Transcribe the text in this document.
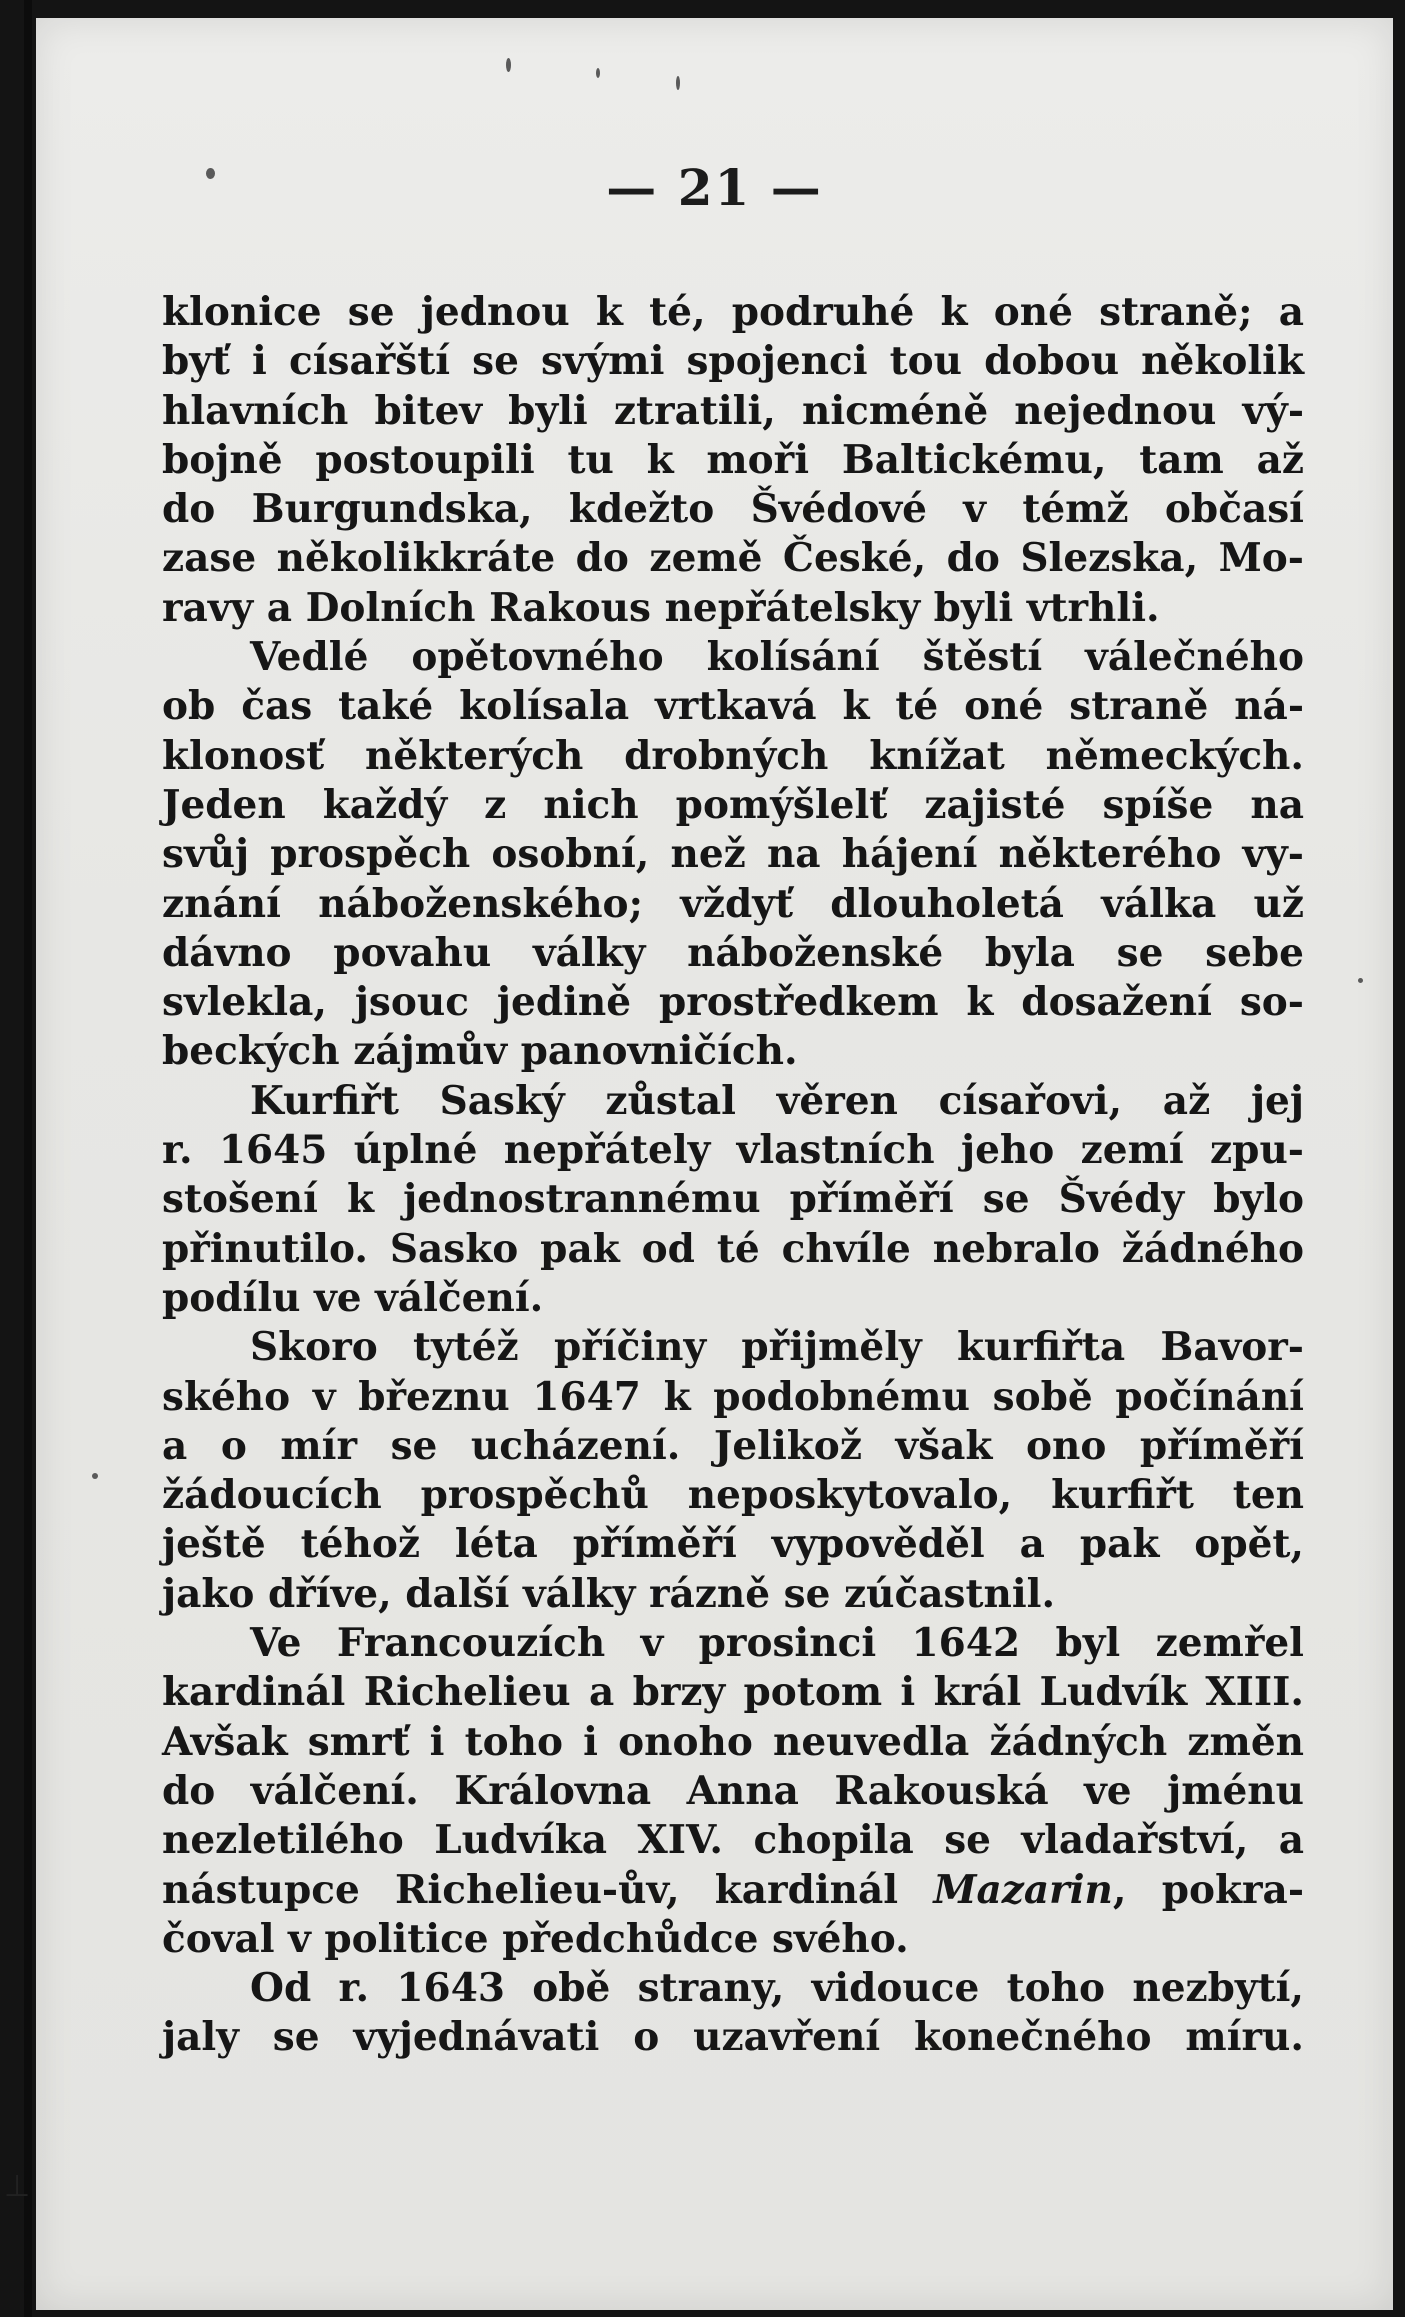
— 21 —
klonice se jednou k té, podruhé k oné straně; a
byť i císařští se svými spojenci tou dobou několik
hlavních bitev byli ztratili, nicméně nejednou vý-
bojně postoupili tu k moři Baltickému, tam až
do Burgundska, kdežto Švédové v témž občasí
zase několikkráte do země České, do Slezska, Mo-
ravy a Dolních Rakous nepřátelsky byli vtrhli.
Vedlé opětovného kolísání štěstí válečného
ob čas také kolísala vrtkavá k té oné straně ná-
klonosť některých drobných knížat německých.
Jeden každý z nich pomýšlelť zajisté spíše na
svůj prospěch osobní, než na hájení některého vy-
znání náboženského; vždyť dlouholetá válka už
dávno povahu války náboženské byla se sebe
svlekla, jsouc jedině prostředkem k dosažení so-
bеckých zájmův panovničích.
Kurfiřt Saský zůstal věren císařovi, až jej
r. 1645 úplné nepřátely vlastních jeho zemí zpu-
stošení k jednostrannému příměří se Švédy bylo
přinutilo. Sasko pak od té chvíle nebralo žádného
podílu ve válčení.
Skoro tytéž příčiny přijměly kurfiřta Bavor-
ského v březnu 1647 k podobnému sobě počínání
a o mír se ucházení. Jelikož však ono příměří
žádoucích prospěchů neposkytovalo, kurfiřt ten
ještě téhož léta příměří vypověděl a pak opět,
jako dříve, další války rázně se zúčastnil.
Ve Francouzích v prosinci 1642 byl zemřel
kardinál Richelieu a brzy potom i král Ludvík XIII.
Avšak smrť i toho i onoho neuvedla žádných změn
do válčení. Královna Anna Rakouská ve jménu
nezletilého Ludvíka XIV. chopila se vladařství, a
nástupce Richelieu-ův, kardinál Mazarin, pokra-
čoval v politice předchůdce svého.
Od r. 1643 obě strany, vidouce toho nezbytí,
jaly se vyjednávati o uzavření konečného míru.
⊥
